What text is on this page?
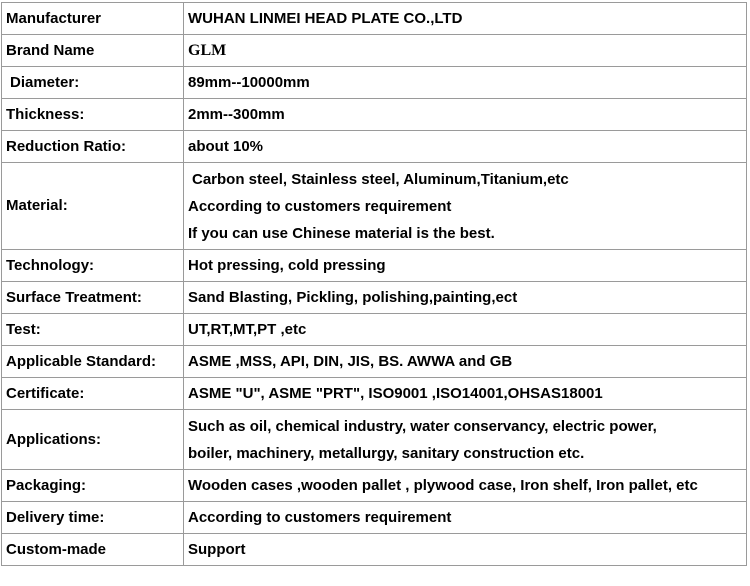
Manufacturer	WUHAN LINMEI HEAD PLATE CO.,LTD

Brand Name	GLM

Diameter:	89mm--10000mm

Thickness:	2mm--300mm

Reduction Ratio:	about 10%

Material:	Carbon steel, Stainless steel, Aluminum,Titanium,etc
According to customers requirement
If you can use Chinese material is the best.

Technology:	Hot pressing, cold pressing

Surface Treatment:	Sand Blasting, Pickling, polishing,painting,ect

Test:	UT,RT,MT,PT ,etc

Applicable Standard:	ASME ,MSS, API, DIN, JIS, BS. AWWA and GB

Certificate:	ASME "U", ASME "PRT", ISO9001 ,ISO14001,OHSAS18001

Applications:	Such as oil, chemical industry, water conservancy, electric power,
boiler, machinery, metallurgy, sanitary construction etc.

Packaging:	Wooden cases ,wooden pallet , plywood case, Iron shelf, Iron pallet, etc

Delivery time:	According to customers requirement

Custom-made	Support
